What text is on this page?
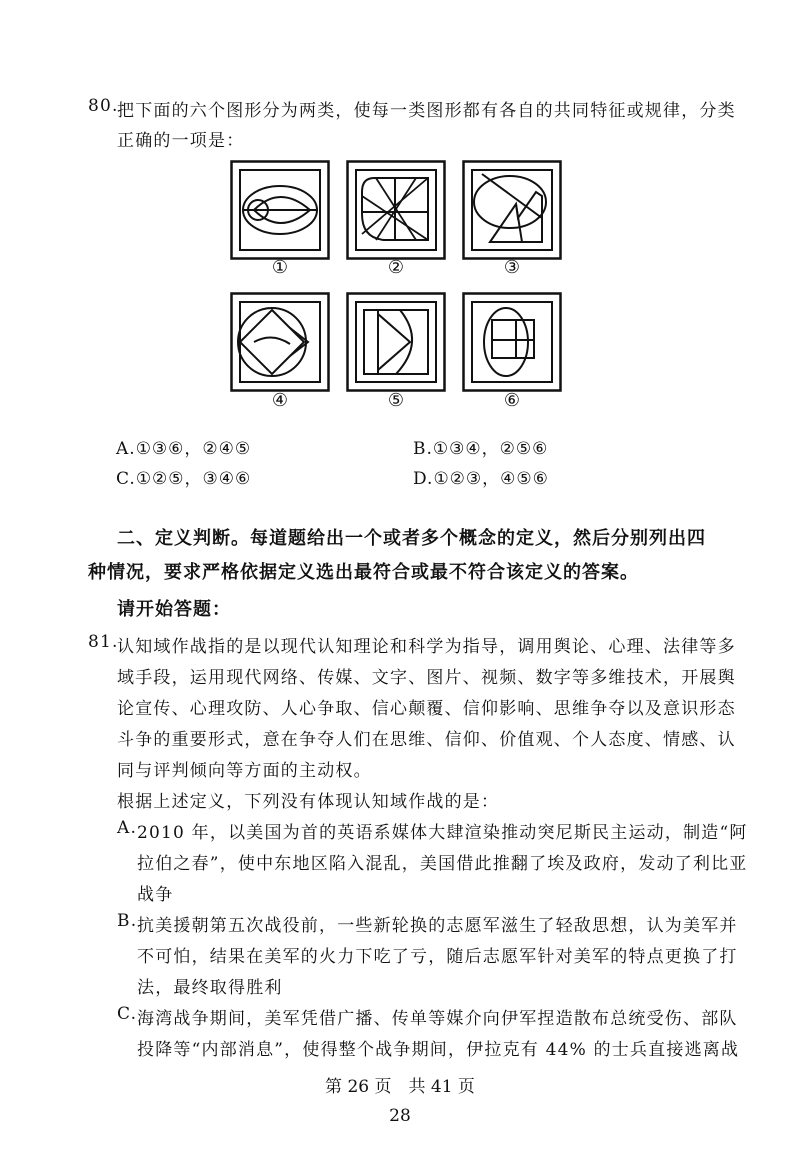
80.
把下面的六个图形分为两类，使每一类图形都有各自的共同特征或规律，分类
正确的一项是：
①	②	③
④	⑤	⑥
A.①③⑥，②④⑤	B.①③④，②⑤⑥
C.①②⑤，③④⑥	D.①②③，④⑤⑥
二、定义判断。每道题给出一个或者多个概念的定义，然后分别列出四
种情况，要求严格依据定义选出最符合或最不符合该定义的答案。
请开始答题：
81.
认知域作战指的是以现代认知理论和科学为指导，调用舆论、心理、法律等多
域手段，运用现代网络、传媒、文字、图片、视频、数字等多维技术，开展舆
论宣传、心理攻防、人心争取、信心颠覆、信仰影响、思维争夺以及意识形态
斗争的重要形式，意在争夺人们在思维、信仰、价值观、个人态度、情感、认
同与评判倾向等方面的主动权。
根据上述定义，下列没有体现认知域作战的是：
A. 2010 年，以美国为首的英语系媒体大肆渲染推动突尼斯民主运动，制造“阿
拉伯之春”，使中东地区陷入混乱，美国借此推翻了埃及政府，发动了利比亚
战争
B. 抗美援朝第五次战役前，一些新轮换的志愿军滋生了轻敌思想，认为美军并
不可怕，结果在美军的火力下吃了亏，随后志愿军针对美军的特点更换了打
法，最终取得胜利
C. 海湾战争期间，美军凭借广播、传单等媒介向伊军捏造散布总统受伤、部队
投降等“内部消息”，使得整个战争期间，伊拉克有 44% 的士兵直接逃离战
第 26 页　共 41 页
28
